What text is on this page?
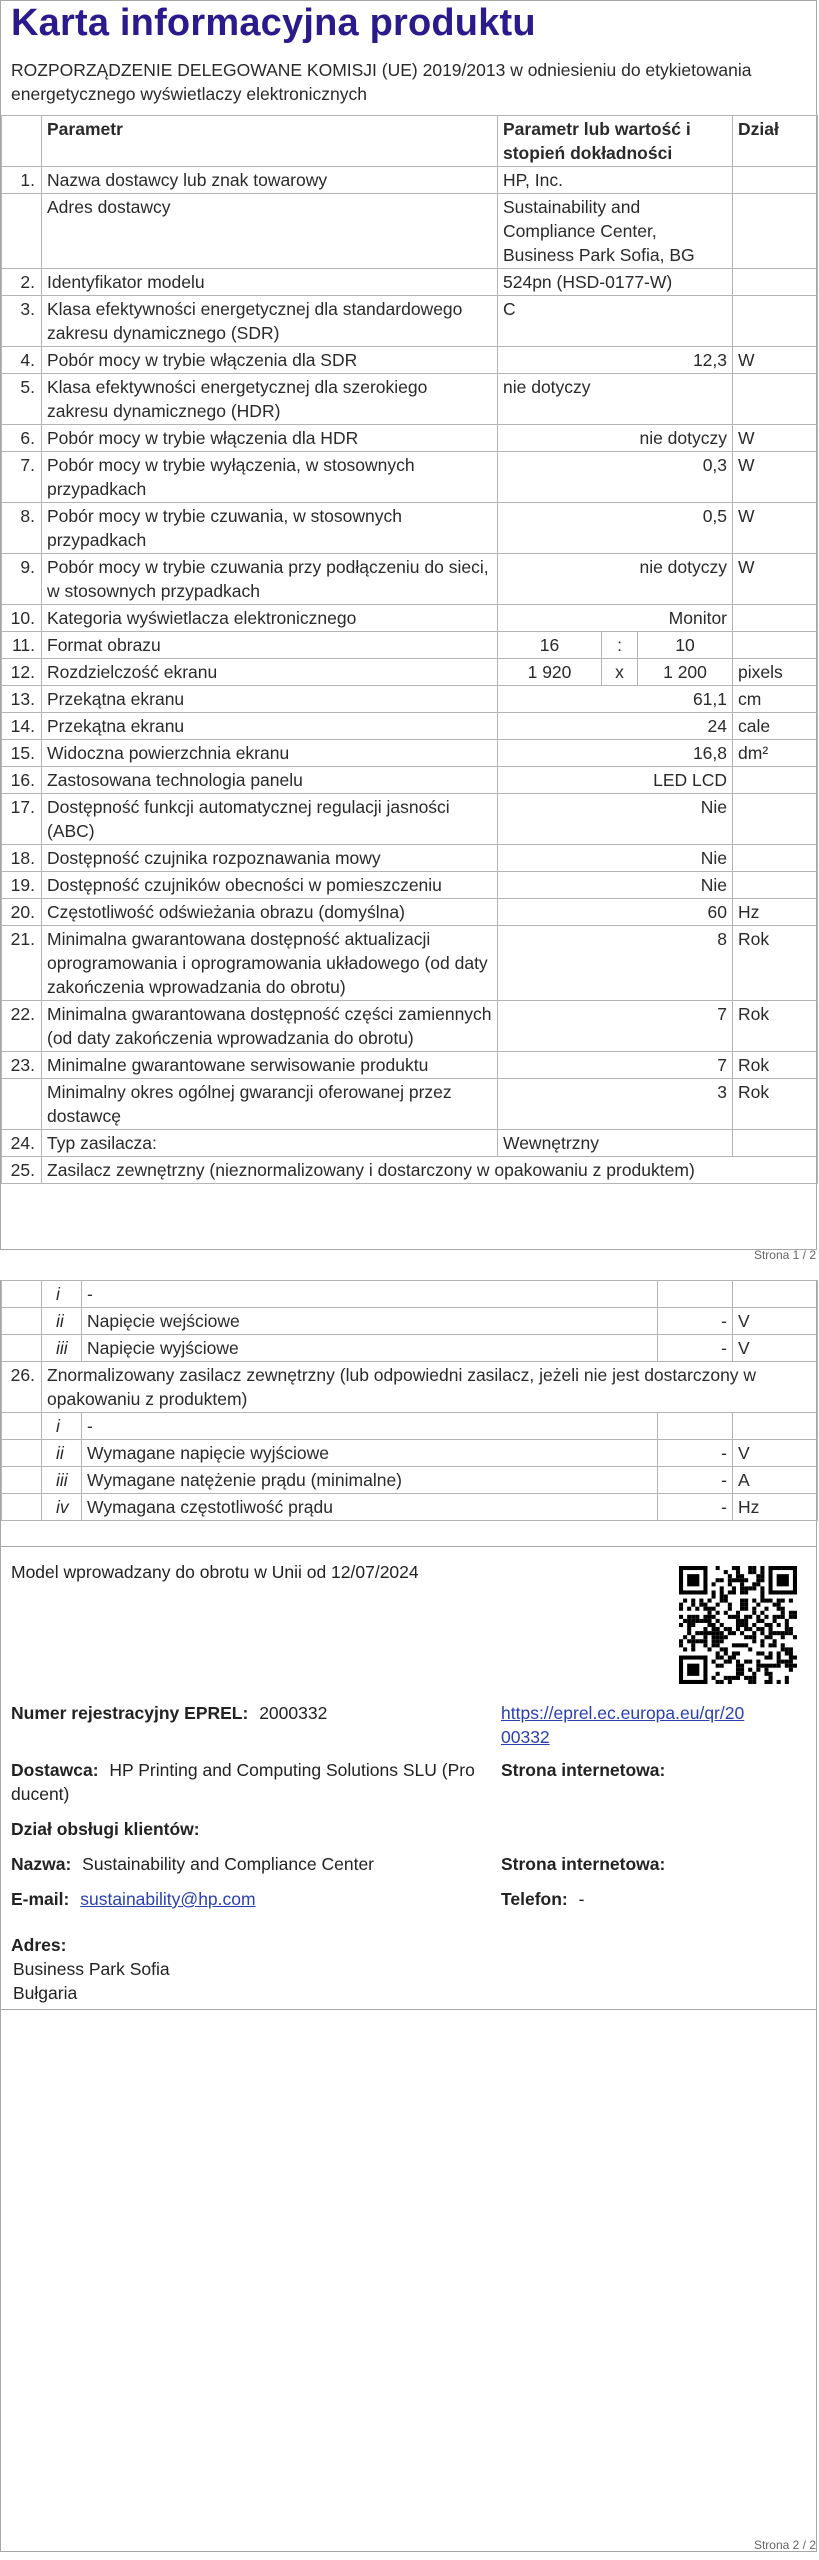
Karta informacyjna produktu
ROZPORZĄDZENIE DELEGOWANE KOMISJI (UE) 2019/2013 w odniesieniu do etykietowania energetycznego wyświetlaczy elektronicznych
	Parametr	Parametr lub wartość i stopień dokładności			Dział
1.	Nazwa dostawcy lub znak towarowy	HP, Inc.			
	Adres dostawcy	Sustainability and Compliance Center, Business Park Sofia, BG			
2.	Identyfikator modelu	524pn (HSD-0177-W)			
3.	Klasa efektywności energetycznej dla standardowego zakresu dynamicznego (SDR)	C			
4.	Pobór mocy w trybie włączenia dla SDR	12,3			W
5.	Klasa efektywności energetycznej dla szerokiego zakresu dynamicznego (HDR)	nie dotyczy			
6.	Pobór mocy w trybie włączenia dla HDR	nie dotyczy			W
7.	Pobór mocy w trybie wyłączenia, w stosownych przypadkach	0,3			W
8.	Pobór mocy w trybie czuwania, w stosownych przypadkach	0,5			W
9.	Pobór mocy w trybie czuwania przy podłączeniu do sieci, w stosownych przypadkach	nie dotyczy			W
10.	Kategoria wyświetlacza elektronicznego	Monitor			
11.	Format obrazu	16	:	10	
12.	Rozdzielczość ekranu	1 920	x	1 200	pixels
13.	Przekątna ekranu	61,1			cm
14.	Przekątna ekranu	24			cale
15.	Widoczna powierzchnia ekranu	16,8			dm²
16.	Zastosowana technologia panelu	LED LCD			
17.	Dostępność funkcji automatycznej regulacji jasności (ABC)	Nie			
18.	Dostępność czujnika rozpoznawania mowy	Nie			
19.	Dostępność czujników obecności w pomieszczeniu	Nie			
20.	Częstotliwość odświeżania obrazu (domyślna)	60			Hz
21.	Minimalna gwarantowana dostępność aktualizacji oprogramowania i oprogramowania układowego (od daty zakończenia wprowadzania do obrotu)	8			Rok
22.	Minimalna gwarantowana dostępność części zamiennych (od daty zakończenia wprowadzania do obrotu)	7			Rok
23.	Minimalne gwarantowane serwisowanie produktu	7			Rok
	Minimalny okres ogólnej gwarancji oferowanej przez dostawcę	3			Rok
24.	Typ zasilacza:	Wewnętrzny			
25.	Zasilacz zewnętrzny (nieznormalizowany i dostarczony w opakowaniu z produktem)				
Strona 1 / 2
	i	-		
	ii	Napięcie wejściowe	-	V
	iii	Napięcie wyjściowe	-	V
26.	Znormalizowany zasilacz zewnętrzny (lub odpowiedni zasilacz, jeżeli nie jest dostarczony w opakowaniu z produktem)			
	i	-		
	ii	Wymagane napięcie wyjściowe	-	V
	iii	Wymagane natężenie prądu (minimalne)	-	A
	iv	Wymagana częstotliwość prądu	-	Hz
Model wprowadzany do obrotu w Unii od 12/07/2024
Numer rejestracyjny EPREL: 2000332	https://eprel.ec.europa.eu/qr/20
00332
Dostawca: HP Printing and Computing Solutions SLU (Pro
ducent)
Strona internetowa:
Dział obsługi klientów:
Nazwa: Sustainability and Compliance Center	Strona internetowa:
E-mail: sustainability@hp.com	Telefon: -
Adres:
Business Park Sofia
Bułgaria
Strona 2 / 2
